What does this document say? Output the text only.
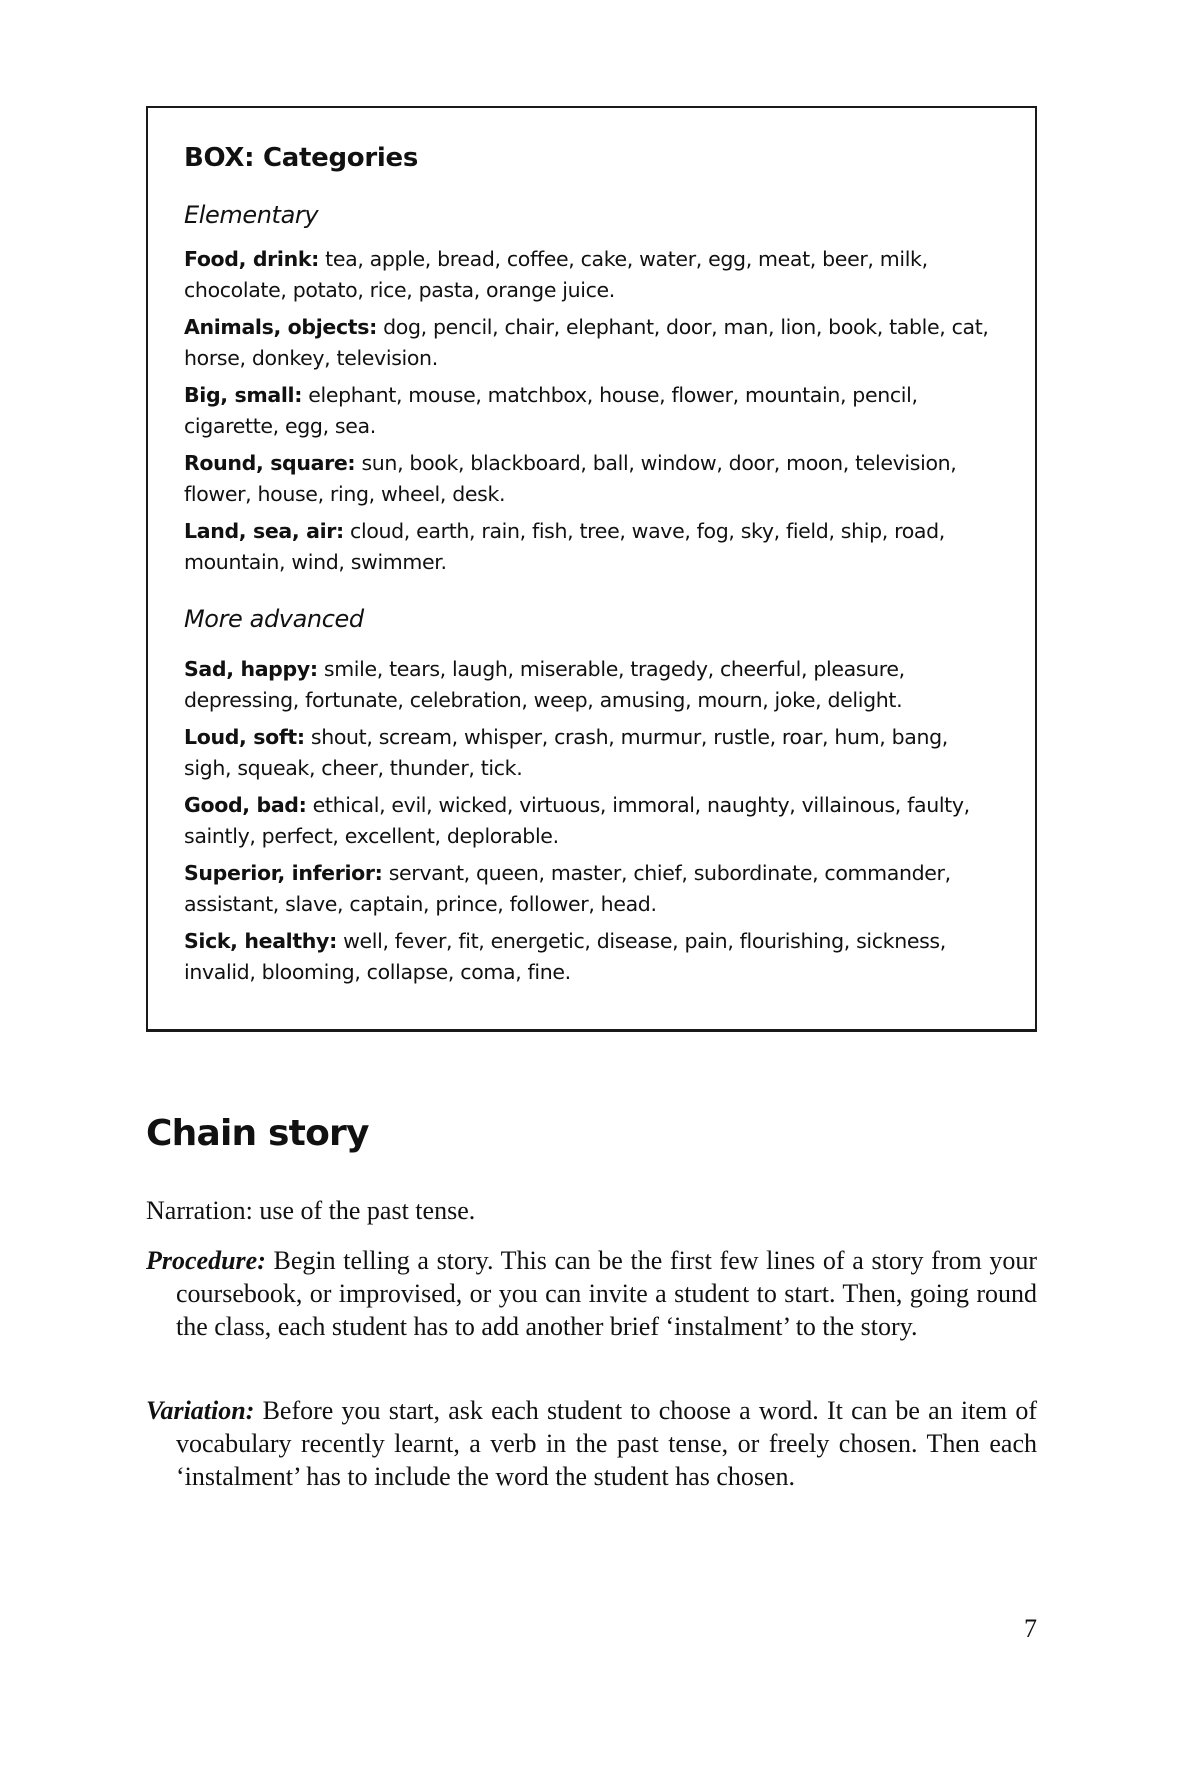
BOX: Categories
Elementary

Food, drink: tea, apple, bread, coffee, cake, water, egg, meat, beer, milk, chocolate, potato, rice, pasta, orange juice.

Animals, objects: dog, pencil, chair, elephant, door, man, lion, book, table, cat, horse, donkey, television.

Big, small: elephant, mouse, matchbox, house, flower, mountain, pencil, cigarette, egg, sea.

Round, square: sun, book, blackboard, ball, window, door, moon, television, flower, house, ring, wheel, desk.

Land, sea, air: cloud, earth, rain, fish, tree, wave, fog, sky, field, ship, road, mountain, wind, swimmer.

More advanced

Sad, happy: smile, tears, laugh, miserable, tragedy, cheerful, pleasure, depressing, fortunate, celebration, weep, amusing, mourn, joke, delight.

Loud, soft: shout, scream, whisper, crash, murmur, rustle, roar, hum, bang, sigh, squeak, cheer, thunder, tick.

Good, bad: ethical, evil, wicked, virtuous, immoral, naughty, villainous, faulty, saintly, perfect, excellent, deplorable.

Superior, inferior: servant, queen, master, chief, subordinate, commander, assistant, slave, captain, prince, follower, head.

Sick, healthy: well, fever, fit, energetic, disease, pain, flourishing, sickness, invalid, blooming, collapse, coma, fine.

Chain story

Narration: use of the past tense.

Procedure: Begin telling a story. This can be the first few lines of a story from your coursebook, or improvised, or you can invite a student to start. Then, going round the class, each student has to add another brief ‘instalment’ to the story.

Variation: Before you start, ask each student to choose a word. It can be an item of vocabulary recently learnt, a verb in the past tense, or freely chosen. Then each ‘instalment’ has to include the word the student has chosen.

7
